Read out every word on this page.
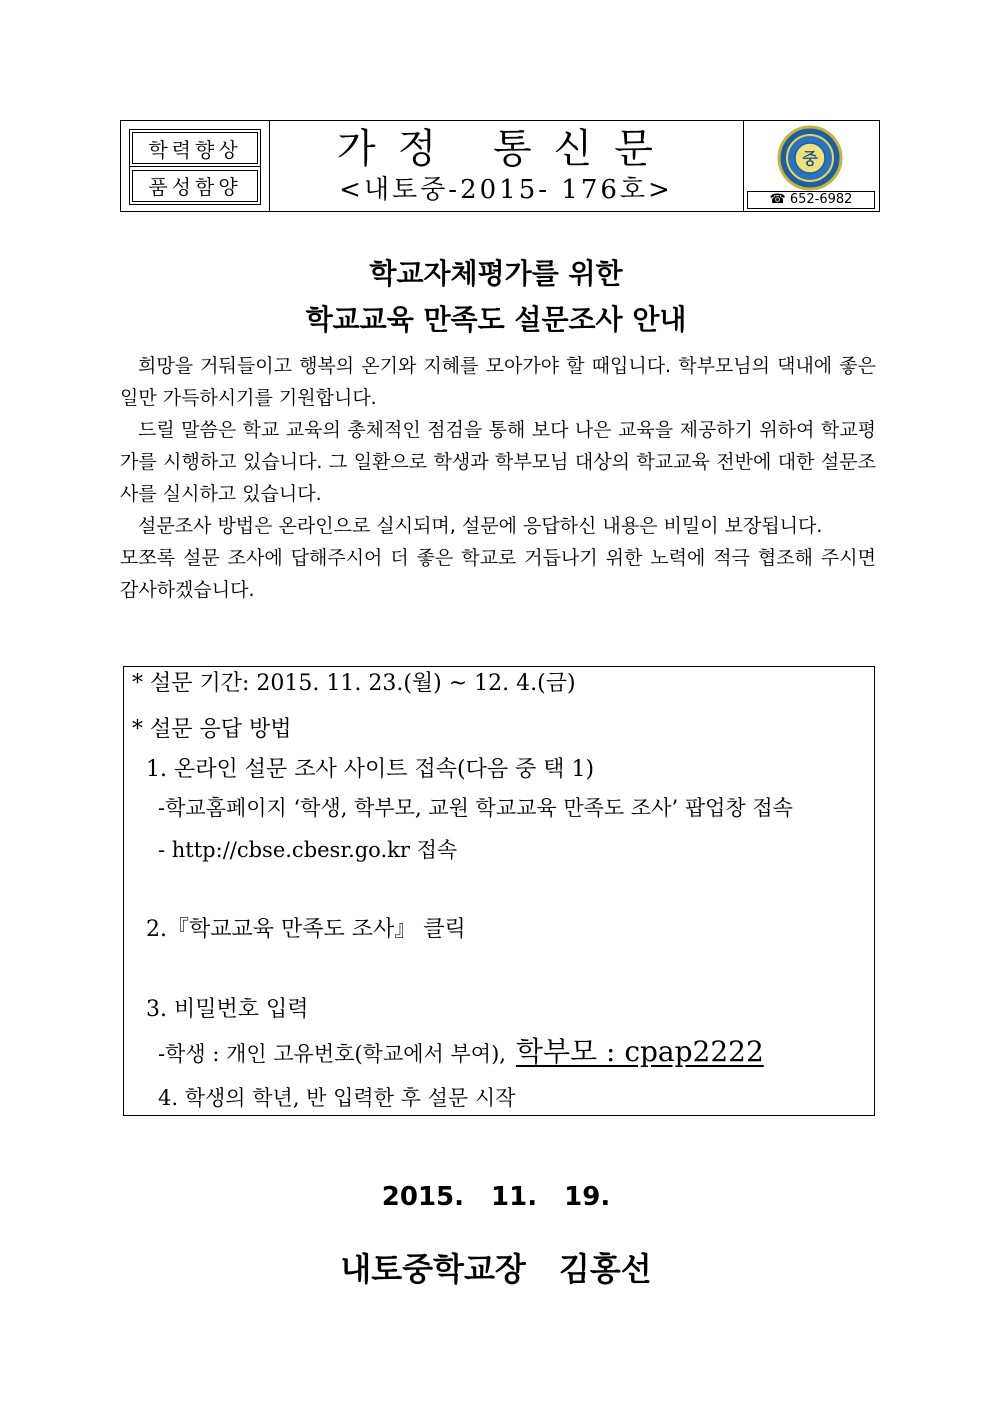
학력향상
품성함양
가정 통신문
<내토중-2015- 176호>
중
☎ 652-6982
학교자체평가를 위한
학교교육 만족도 설문조사 안내

희망을 거둬들이고 행복의 온기와 지혜를 모아가야 할 때입니다. 학부모님의 댁내에 좋은 일만 가득하시기를 기원합니다.

드릴 말씀은 학교 교육의 총체적인 점검을 통해 보다 나은 교육을 제공하기 위하여 학교평가를 시행하고 있습니다. 그 일환으로 학생과 학부모님 대상의 학교교육 전반에 대한 설문조사를 실시하고 있습니다.

설문조사 방법은 온라인으로 실시되며, 설문에 응답하신 내용은 비밀이 보장됩니다.

모쪼록 설문 조사에 답해주시어 더 좋은 학교로 거듭나기 위한 노력에 적극 협조해 주시면 감사하겠습니다.

* 설문 기간: 2015. 11. 23.(월) ~ 12. 4.(금)
* 설문 응답 방법
1. 온라인 설문 조사 사이트 접속(다음 중 택 1)
-학교홈페이지 ‘학생, 학부모, 교원 학교교육 만족도 조사’ 팝업창 접속
- http://cbse.cbesr.go.kr 접속
2.『학교교육 만족도 조사』 클릭
3. 비밀번호 입력
-학생 : 개인 고유번호(학교에서 부여), 학부모 : cpap2222
4. 학생의 학년, 반 입력한 후 설문 시작
2015. 11. 19.
내토중학교장 김홍선
